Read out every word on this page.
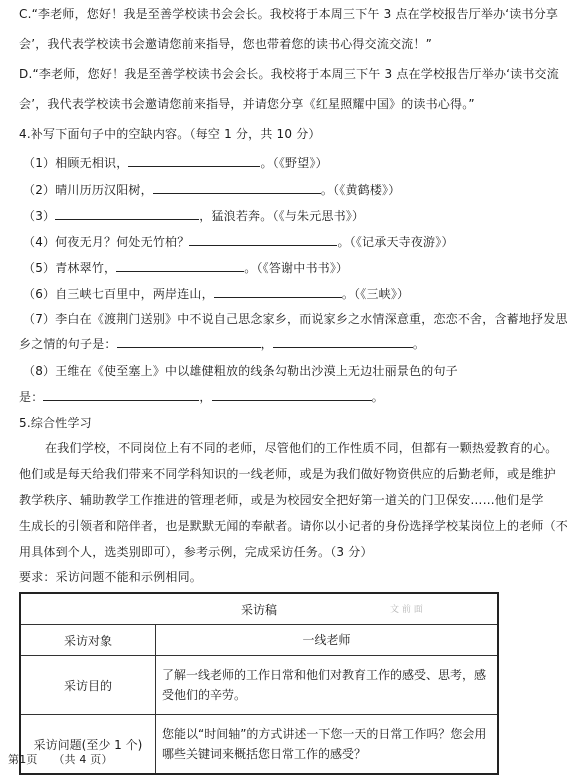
C.“李老师，您好！我是至善学校读书会会长。我校将于本周三下午 3 点在学校报告厅举办‘读书分享
会’，我代表学校读书会邀请您前来指导，您也带着您的读书心得交流交流！”
D.“李老师，您好！我是至善学校读书会会长。我校将于本周三下午 3 点在学校报告厅举办‘读书交流
会’，我代表学校读书会邀请您前来指导，并请您分享《红星照耀中国》的读书心得。”
4.补写下面句子中的空缺内容。（每空 1 分，共 10 分）
（1）相顾无相识，	。（《野望》）
（2）晴川历历汉阳树，	。（《黄鹤楼》）
（3）	，猛浪若奔。（《与朱元思书》）
（4）何夜无月？何处无竹柏？	。（《记承天寺夜游》）
（5）青林翠竹，	。（《答谢中书书》）
（6）自三峡七百里中，两岸连山，	。（《三峡》）
（7）李白在《渡荆门送别》中不说自己思念家乡，而说家乡之水情深意重，恋恋不舍，含蓄地抒发思
乡之情的句子是：	，	。
（8）王维在《使至塞上》中以雄健粗放的线条勾勒出沙漠上无边壮丽景色的句子
是：	，	。
5.综合性学习
在我们学校，不同岗位上有不同的老师，尽管他们的工作性质不同，但都有一颗热爱教育的心。
他们或是每天给我们带来不同学科知识的一线老师，或是为我们做好物资供应的后勤老师，或是维护
教学秩序、辅助教学工作推进的管理老师，或是为校园安全把好第一道关的门卫保安……他们是学
生成长的引领者和陪伴者，也是默默无闻的奉献者。请你以小记者的身份选择学校某岗位上的老师（不
用具体到个人，选类别即可），参考示例，完成采访任务。（3 分）
要求：采访问题不能和示例相同。
采访稿	
采访对象	一线老师
采访目的	了解一线老师的工作日常和他们对教育工作的感受、思考，感受他们的辛劳。
采访问题(至少 1 个)	您能以“时间轴”的方式讲述一下您一天的日常工作吗？您会用哪些关键词来概括您日常工作的感受？
文 前 面
第1页 （共 4 页）
